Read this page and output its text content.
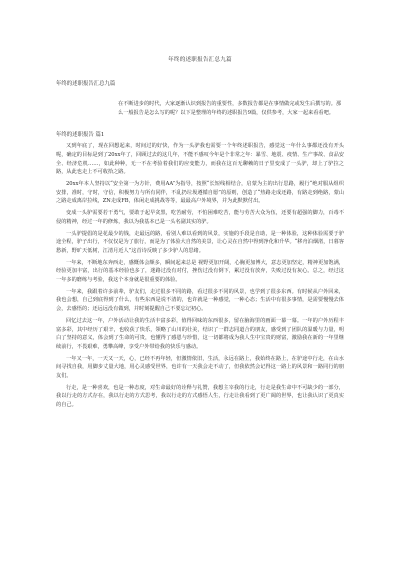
年终的述职报告汇总九篇
年终的述职报告汇总九篇
在不断进步的时代，大家逐渐认识到报告的重要性，多数报告都是在事情做完或发生后撰写的。那么一般报告是怎么写的呢？以下是整理的年终的述职报告9篇，仅供参考，大家一起来看看吧。
年终的述职报告 篇1

又到年底了，现在回想起来，时间过的好快，作为一头驴我也需要一个年终述职报告，感觉这一年什么事都还没有开头呢，确定的目标是到了20xx年了，回顾过去的这几年，不能不感叹今年是个非常之年：暴雪、地震、疫情、生产事故、食品安全、经济危机……，如此种种，无一不在考验着我们的应变能力，而我在这百无聊赖的日子里变成了一头驴，却上了驴拉之路，从此也走上不可收拾之路。

20xx年本人坚持以“安全第一为方针，费用AA”为指导，按照“长短线相结合，启蒙为主的出行思路，履行“绝对服从组织安排，准时，守时，守信，积极努力与所有同伴，不乱扔垃圾遵循自愿”的原则，创造了“热路走成还路，有路走到绝路，蒙山之路走成离岸拉线，ZN走成FB，体闲走成挑战等等，最最高户外境界，并为此默默付出。

变成一头驴需要若干勇气，要敢于起早贪黑，吃苦耐劳，不怕困难吃苦，能与劳苦大众为伍，还要有超强的脚力，百毒不侵的精神，经过一年的修炼，我以为我基本已是一头名副其实的驴。

一头驴提倡的是花最少的钱，走最远的路，看别人难以看到的风景，实施的手段是自助，是一种体验，这种体验需要于驴途全程，驴子出行，不仅仅是为了旅行，而是为了体验大自然的美景，让心灵在自然中得到净化和升华。“移舟泊烟渚，日暮客愁新，野旷天低树，江清月近人”这首诗反映了多少驴人的思绪。

一年来，不断地东奔西走，感慨体会颇多，瞬间起来总是 视野更加开阔，心胸更加博大，意志更加坚定，精神更加饱满，经验更加丰富，出行的基本经验也多了，迷路过没有对付，挫伤过没有倒下，累过没有放弃，失败过没有灰心。总之，经过这一年多的磨练与考验，我这个本身就是很重要的体验。

一年来，我跟着许多前辈，驴友们，走过很多不同的路，看过很多不同的风景，也学到了很多东西。有时候从户外回来，我也会想，自己到底得到了什么，有些东西是说不清的，也许就是一种感觉，一种心态；生活中有很多事情，是需要慢慢去体会，去感悟的；还远远没有做到，并时刻提醒自己不要忘记初心。

回忆过去这一年，户外活动让我的生活丰富多彩，值得回味的东西很多，留在脑海里的画面一幕一幕。一年的户外历程丰富多彩，其中经历了艰辛，也收获了快乐，领略了山川的壮美，结识了一群志同道合的朋友，感受到了团队的温暖与力量，明白了坚持的意义，体会到了生命的可贵，也懂得了感恩与珍惜，这一切都将成为我人生中宝贵的财富，激励我在新的一年里继续前行，不畏艰难，勇攀高峰，享受户外带给我的快乐与感动。

一年又一年，一天又一天，心，已经不再年轻，但激情依旧，生活，永远在路上，我始终在路上，在驴途中行走，在山水间寻找自我，用脚步丈量大地，用心灵感受世界，也许有一天我会走不动了，但我依然会记得这一路上的风景和一路同行的朋友们。

行走，是一种喜欢，也是一种态度，对生命最好的诠释与礼赞，我想主宰我的行走，行走是我生命中不可缺少的一部分，我以行走的方式存在，我以行走的方式思考，我以行走的方式感悟人生，行走让我看到了更广阔的世界，也让我认识了更真实的自己。
